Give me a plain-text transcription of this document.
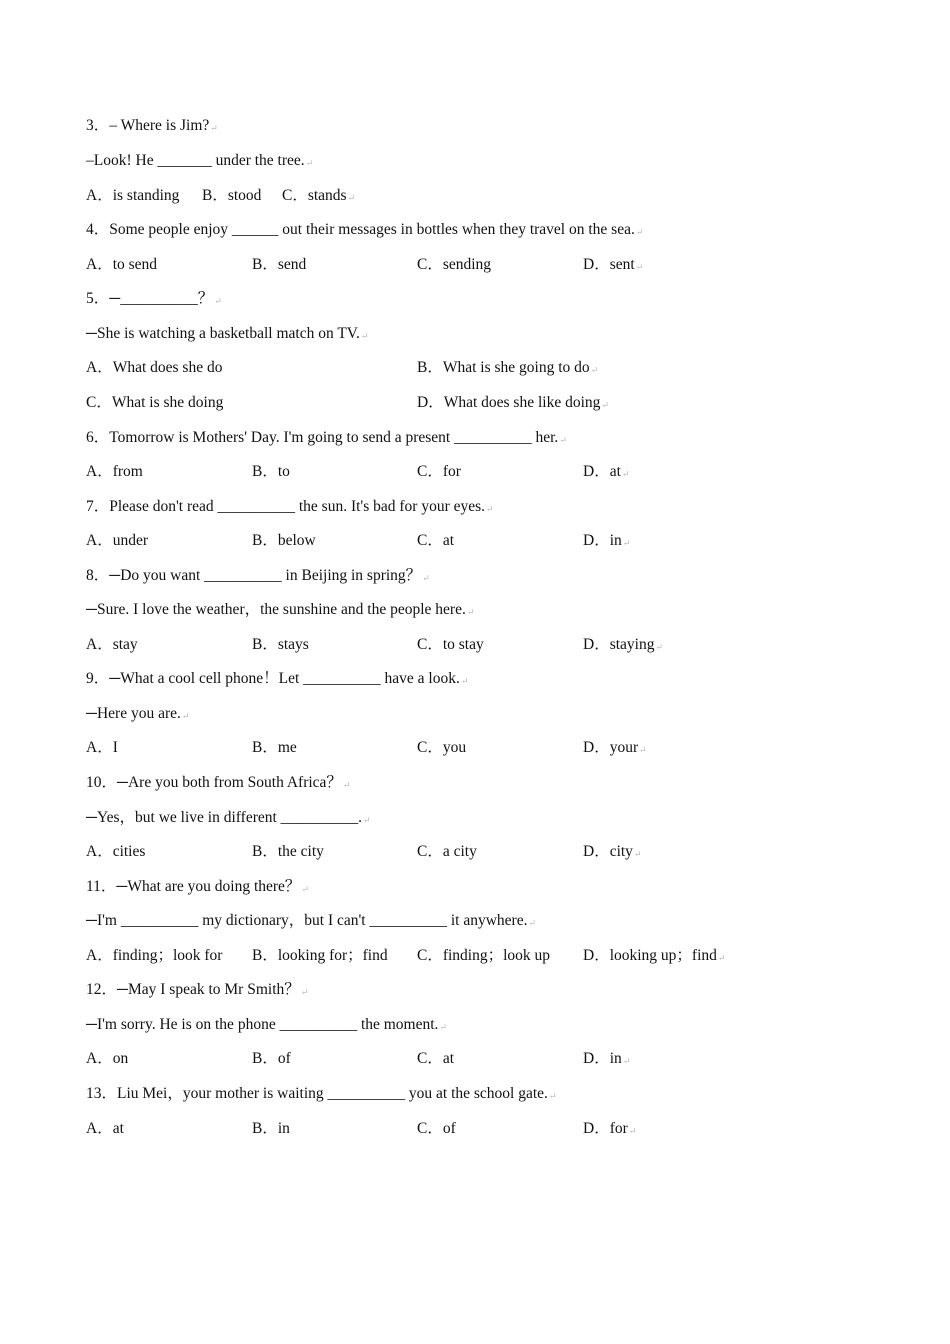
3．– Where is Jim?↵
–Look! He _______ under the tree.↵
A．is standing B．stood C．stands↵
4．Some people enjoy ______ out their messages in bottles when they travel on the sea.↵
A．to send	B．send	C．sending	D．sent↵
5．─__________？↵
─She is watching a basketball match on TV.↵
A．What does she do	B．What is she going to do↵
C．What is she doing	D．What does she like doing↵
6．Tomorrow is Mothers' Day. I'm going to send a present __________ her.↵
A．from	B．to	C．for	D．at↵
7．Please don't read __________ the sun. It's bad for your eyes.↵
A．under	B．below	C．at	D．in↵
8．─Do you want __________ in Beijing in spring？↵
─Sure. I love the weather，the sunshine and the people here.↵
A．stay	B．stays	C．to stay	D．staying↵
9．─What a cool cell phone！Let __________ have a look.↵
─Here you are.↵
A．I	B．me	C．you	D．your↵
10．─Are you both from South Africa？↵
─Yes，but we live in different __________.↵
A．cities	B．the city	C．a city	D．city↵
11．─What are you doing there？↵
─I'm __________ my dictionary，but I can't __________ it anywhere.↵
A．finding；look for B．looking for；find C．finding；look up D．looking up；find↵
12．─May I speak to Mr Smith？↵
─I'm sorry. He is on the phone __________ the moment.↵
A．on	B．of	C．at	D．in↵
13．Liu Mei，your mother is waiting __________ you at the school gate.↵
A．at	B．in	C．of	D．for↵
